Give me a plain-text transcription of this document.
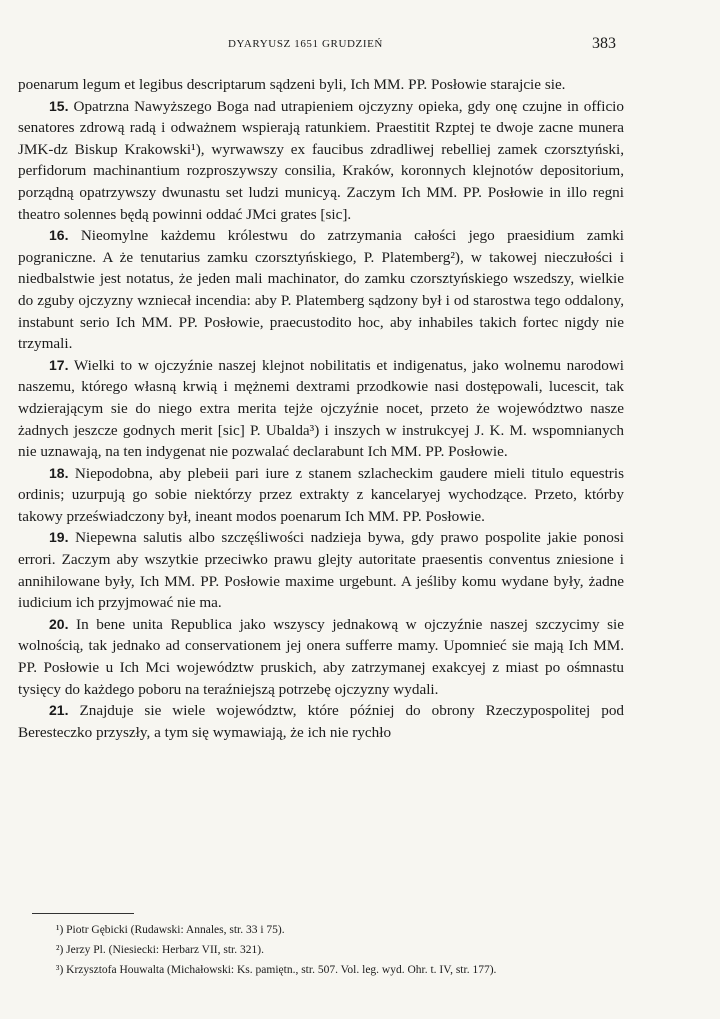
DYARYUSZ 1651 GRUDZIEŃ	383

poenarum legum et legibus descriptarum sądzeni byli, Ich MM. PP. Posłowie starajcie sie.

15. Opatrzna Nawyższego Boga nad utrapieniem ojczyzny opieka, gdy onę czujne in officio senatores zdrową radą i odważnem wspierają ratunkiem. Praestitit Rzptej te dwoje zacne munera JMK-dz Biskup Krakowski¹), wyrwawszy ex faucibus zdradliwej rebelliej zamek czorsztyński, perfidorum machinantium rozproszywszy consilia, Kraków, koronnych klejnotów depositorium, porządną opatrzywszy dwunastu set ludzi municyą. Zaczym Ich MM. PP. Posłowie in illo regni theatro solennes będą powinni oddać JMci grates [sic].

16. Nieomylne każdemu królestwu do zatrzymania całości jego praesidium zamki pograniczne. A że tenutarius zamku czorsztyńskiego, P. Platemberg²), w takowej nieczułości i niedbalstwie jest notatus, że jeden mali machinator, do zamku czorsztyńskiego wszedszy, wielkie do zguby ojczyzny wzniecał incendia: aby P. Platemberg sądzony był i od starostwa tego oddalony, instabunt serio Ich MM. PP. Posłowie, praecustodito hoc, aby inhabiles takich fortec nigdy nie trzymali.

17. Wielki to w ojczyźnie naszej klejnot nobilitatis et indigenatus, jako wolnemu narodowi naszemu, którego własną krwią i mężnemi dextrami przodkowie nasi dostępowali, lucescit, tak wdzierającym sie do niego extra merita tejże ojczyźnie nocet, przeto że województwo nasze żadnych jeszcze godnych merit [sic] P. Ubalda³) i inszych w instrukcyej J. K. M. wspomnianych nie uznawają, na ten indygenat nie pozwalać declarabunt Ich MM. PP. Posłowie.

18. Niepodobna, aby plebeii pari iure z stanem szlacheckim gaudere mieli titulo equestris ordinis; uzurpują go sobie niektórzy przez extrakty z kancelaryej wychodzące. Przeto, którby takowy przeświadczony był, ineant modos poenarum Ich MM. PP. Posłowie.

19. Niepewna salutis albo szczęśliwości nadzieja bywa, gdy prawo pospolite jakie ponosi errori. Zaczym aby wszytkie przeciwko prawu glejty autoritate praesentis conventus zniesione i annihilowane były, Ich MM. PP. Posłowie maxime urgebunt. A jeśliby komu wydane były, żadne iudicium ich przyjmować nie ma.

20. In bene unita Republica jako wszyscy jednakową w ojczyźnie naszej szczycimy sie wolnością, tak jednako ad conservationem jej onera sufferre mamy. Upomnieć sie mają Ich MM. PP. Posłowie u Ich Mci województw pruskich, aby zatrzymanej exakcyej z miast po ośmnastu tysięcy do każdego poboru na teraźniejszą potrzebę ojczyzny wydali.

21. Znajduje sie wiele województw, które później do obrony Rzeczypospolitej pod Beresteczko przyszły, a tym się wymawiają, że ich nie rychło

¹) Piotr Gębicki (Rudawski: Annales, str. 33 i 75).

²) Jerzy Pl. (Niesiecki: Herbarz VII, str. 321).

³) Krzysztofa Houwalta (Michałowski: Ks. pamiętn., str. 507. Vol. leg. wyd. Ohr. t. IV, str. 177).
